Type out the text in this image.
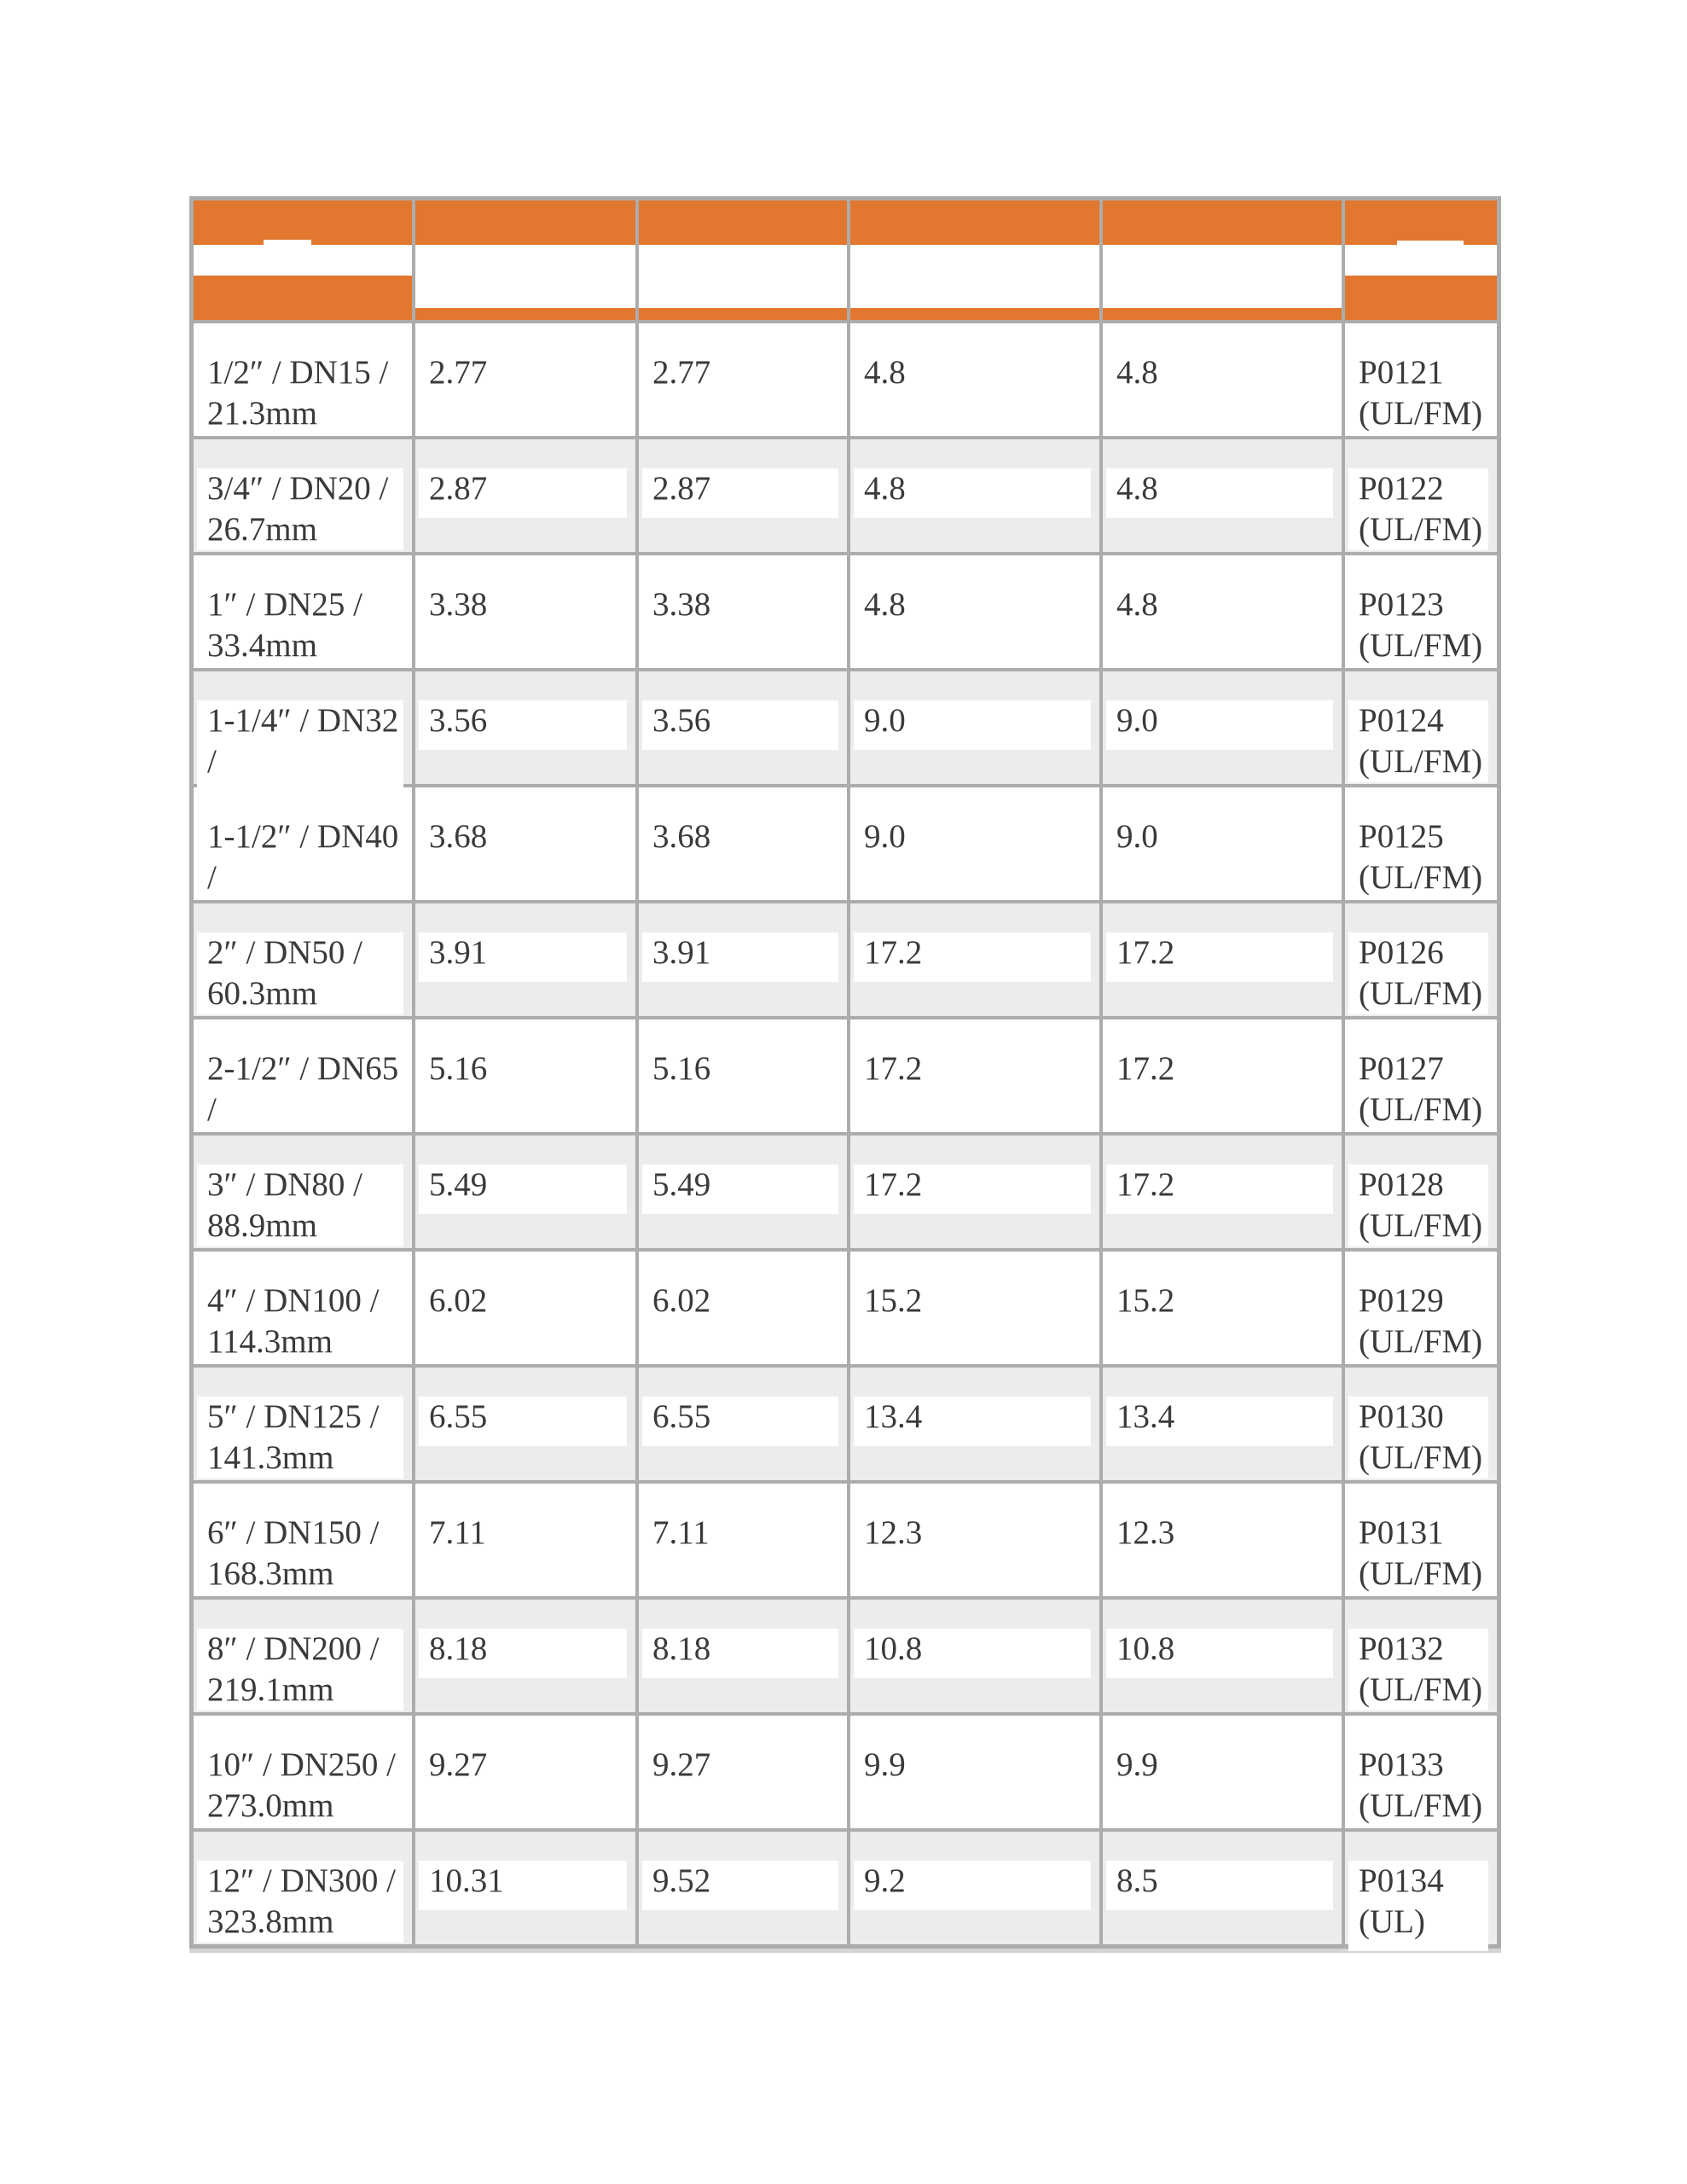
1/2″ / DN15 /
21.3mm
2.77	2.77	4.8	4.8	P0121
(UL/FM)
3/4″ / DN20 /
26.7mm
2.87	2.87	4.8	4.8	P0122
(UL/FM)
1″ / DN25 /
33.4mm
3.38	3.38	4.8	4.8	P0123
(UL/FM)
1-1/4″ / DN32 /

3.56	3.56	9.0	9.0	P0124
(UL/FM)
1-1/2″ / DN40 /

3.68	3.68	9.0	9.0	P0125
(UL/FM)
2″ / DN50 /
60.3mm
3.91	3.91	17.2	17.2	P0126
(UL/FM)
2-1/2″ / DN65 /

5.16	5.16	17.2	17.2	P0127
(UL/FM)
3″ / DN80 /
88.9mm
5.49	5.49	17.2	17.2	P0128
(UL/FM)
4″ / DN100 /
114.3mm
6.02	6.02	15.2	15.2	P0129
(UL/FM)
5″ / DN125 /
141.3mm
6.55	6.55	13.4	13.4	P0130
(UL/FM)
6″ / DN150 /
168.3mm
7.11	7.11	12.3	12.3	P0131
(UL/FM)
8″ / DN200 /
219.1mm
8.18	8.18	10.8	10.8	P0132
(UL/FM)
10″ / DN250 /
273.0mm
9.27	9.27	9.9	9.9	P0133
(UL/FM)
12″ / DN300 /
323.8mm
10.31	9.52	9.2	8.5	P0134 (UL)
